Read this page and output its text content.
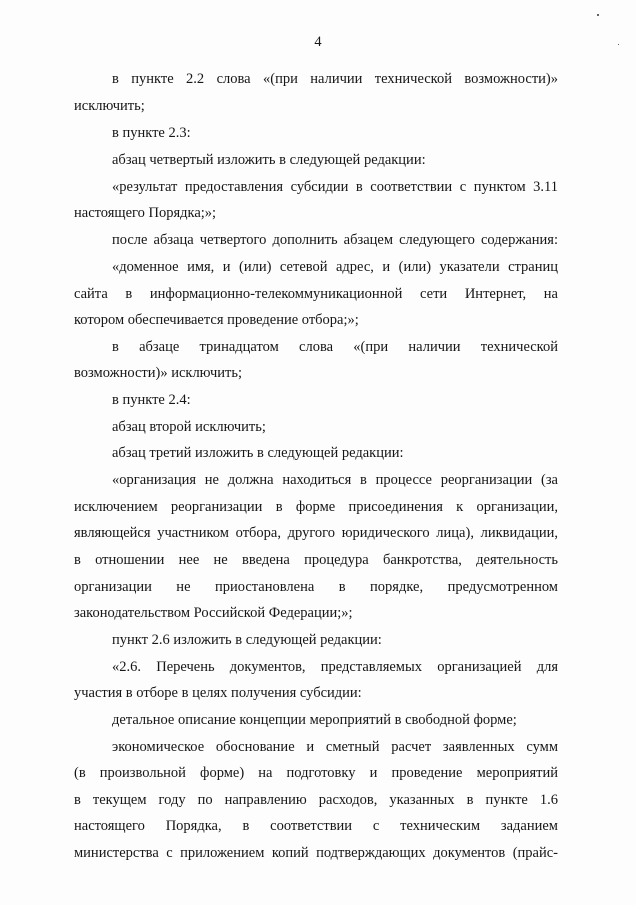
4
в пункте 2.2 слова «(при наличии технической возможности)»
исключить;
в пункте 2.3:
абзац четвертый изложить в следующей редакции:
«результат предоставления субсидии в соответствии с пунктом 3.11
настоящего Порядка;»;
после абзаца четвертого дополнить абзацем следующего содержания:
«доменное имя, и (или) сетевой адрес, и (или) указатели страниц
сайта в информационно-телекоммуникационной сети Интернет, на
котором обеспечивается проведение отбора;»;
в абзаце тринадцатом слова «(при наличии технической
возможности)» исключить;
в пункте 2.4:
абзац второй исключить;
абзац третий изложить в следующей редакции:
«организация не должна находиться в процессе реорганизации (за
исключением реорганизации в форме присоединения к организации,
являющейся участником отбора, другого юридического лица), ликвидации,
в отношении нее не введена процедура банкротства, деятельность
организации не приостановлена в порядке, предусмотренном
законодательством Российской Федерации;»;
пункт 2.6 изложить в следующей редакции:
«2.6. Перечень документов, представляемых организацией для
участия в отборе в целях получения субсидии:
детальное описание концепции мероприятий в свободной форме;
экономическое обоснование и сметный расчет заявленных сумм
(в произвольной форме) на подготовку и проведение мероприятий
в текущем году по направлению расходов, указанных в пункте 1.6
настоящего Порядка, в соответствии с техническим заданием
министерства с приложением копий подтверждающих документов (прайс-
